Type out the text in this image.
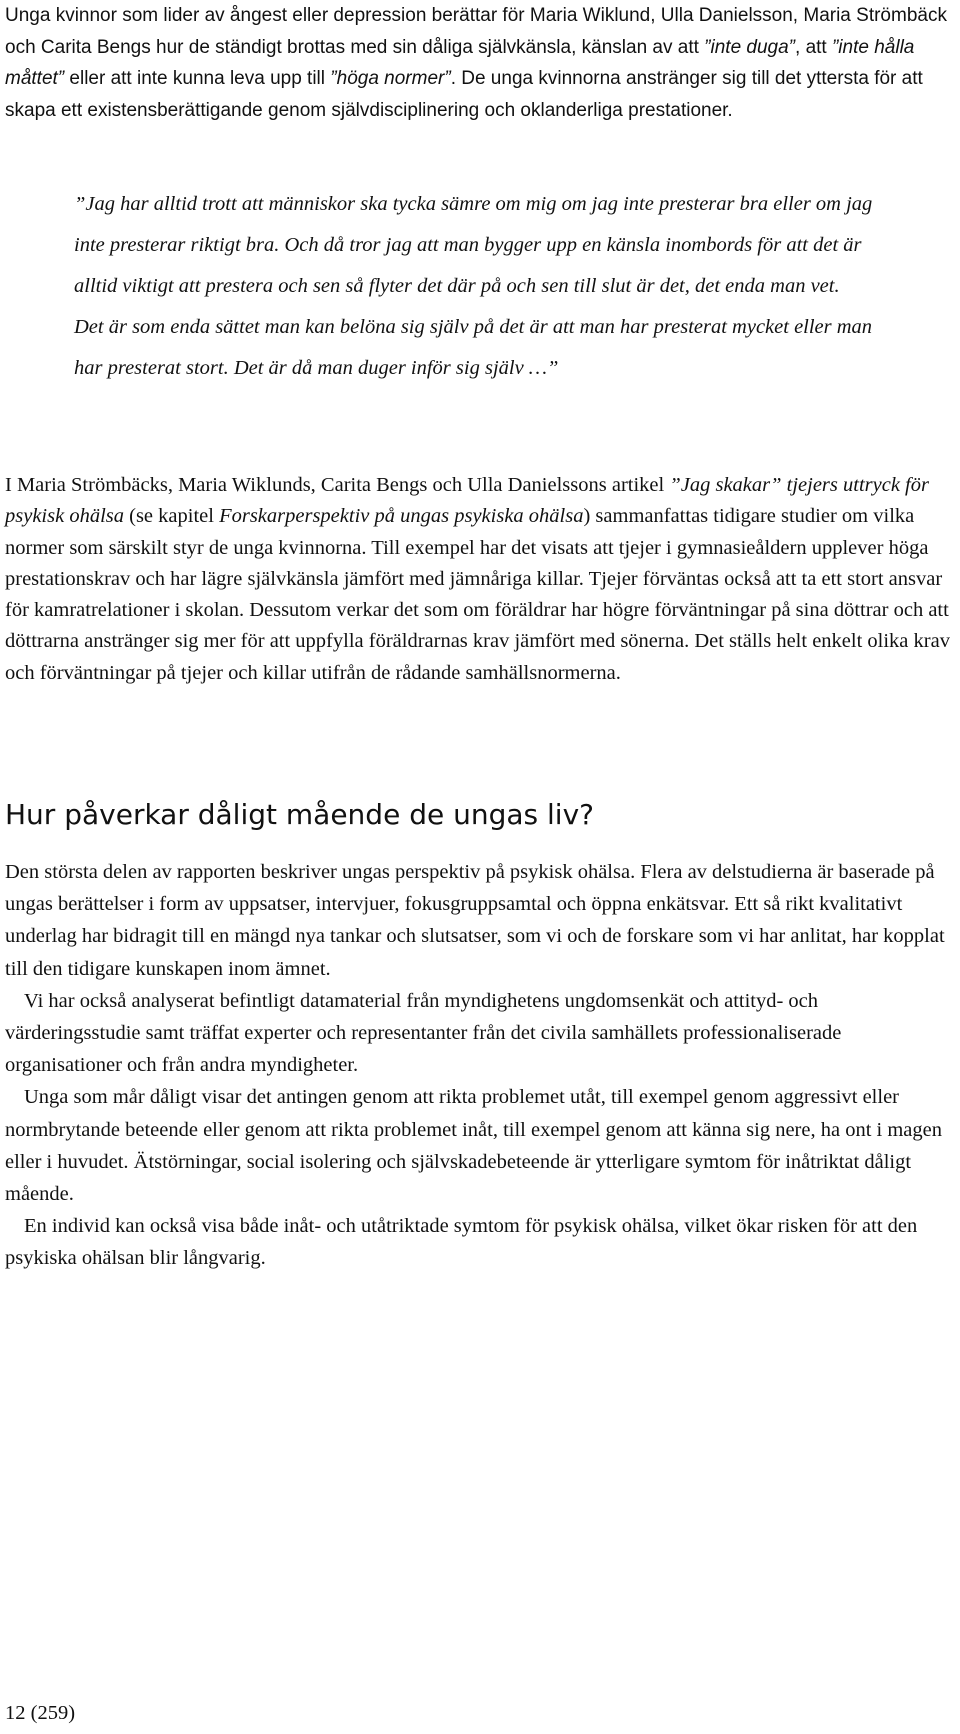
Unga kvinnor som lider av ångest eller depression berättar för Maria Wiklund, Ulla Danielsson, Maria Strömbäck och Carita Bengs hur de ständigt brottas med sin dåliga självkänsla, känslan av att ”inte duga”, att ”inte hålla måttet” eller att inte kunna leva upp till ”höga normer”. De unga kvinnorna anstränger sig till det yttersta för att skapa ett existensberättigande genom självdisciplinering och oklanderliga prestationer.

”Jag har alltid trott att människor ska tycka sämre om mig om jag inte presterar bra eller om jag inte presterar riktigt bra. Och då tror jag att man bygger upp en känsla inombords för att det är alltid viktigt att prestera och sen så flyter det där på och sen till slut är det, det enda man vet. Det är som enda sättet man kan belöna sig själv på det är att man har presterat mycket eller man har presterat stort. Det är då man duger inför sig själv …”

I Maria Strömbäcks, Maria Wiklunds, Carita Bengs och Ulla Danielssons artikel ”Jag skakar” tjejers uttryck för psykisk ohälsa (se kapitel Forskarperspektiv på ungas psykiska ohälsa) sammanfattas tidigare studier om vilka normer som särskilt styr de unga kvinnorna. Till exempel har det visats att tjejer i gymnasieåldern upplever höga prestationskrav och har lägre självkänsla jämfört med jämnåriga killar. Tjejer förväntas också att ta ett stort ansvar för kamratrelationer i skolan. Dessutom verkar det som om föräldrar har högre förväntningar på sina döttrar och att döttrarna anstränger sig mer för att uppfylla föräldrarnas krav jämfört med sönerna. Det ställs helt enkelt olika krav och förväntningar på tjejer och killar utifrån de rådande samhällsnormerna.

Hur påverkar dåligt mående de ungas liv?

Den största delen av rapporten beskriver ungas perspektiv på psykisk ohälsa. Flera av delstudierna är baserade på ungas berättelser i form av uppsatser, intervjuer, fokusgruppsamtal och öppna enkätsvar. Ett så rikt kvalitativt underlag har bidragit till en mängd nya tankar och slutsatser, som vi och de forskare som vi har anlitat, har kopplat till den tidigare kunskapen inom ämnet.

Vi har också analyserat befintligt datamaterial från myndighetens ungdomsenkät och attityd- och värderingsstudie samt träffat experter och representanter från det civila samhällets professionaliserade organisationer och från andra myndigheter.

Unga som mår dåligt visar det antingen genom att rikta problemet utåt, till exempel genom aggressivt eller normbrytande beteende eller genom att rikta problemet inåt, till exempel genom att känna sig nere, ha ont i magen eller i huvudet. Ätstörningar, social isolering och självskadebeteende är ytterligare symtom för inåtriktat dåligt mående.

En individ kan också visa både inåt- och utåtriktade symtom för psykisk ohälsa, vilket ökar risken för att den psykiska ohälsan blir långvarig.

12 (259)
